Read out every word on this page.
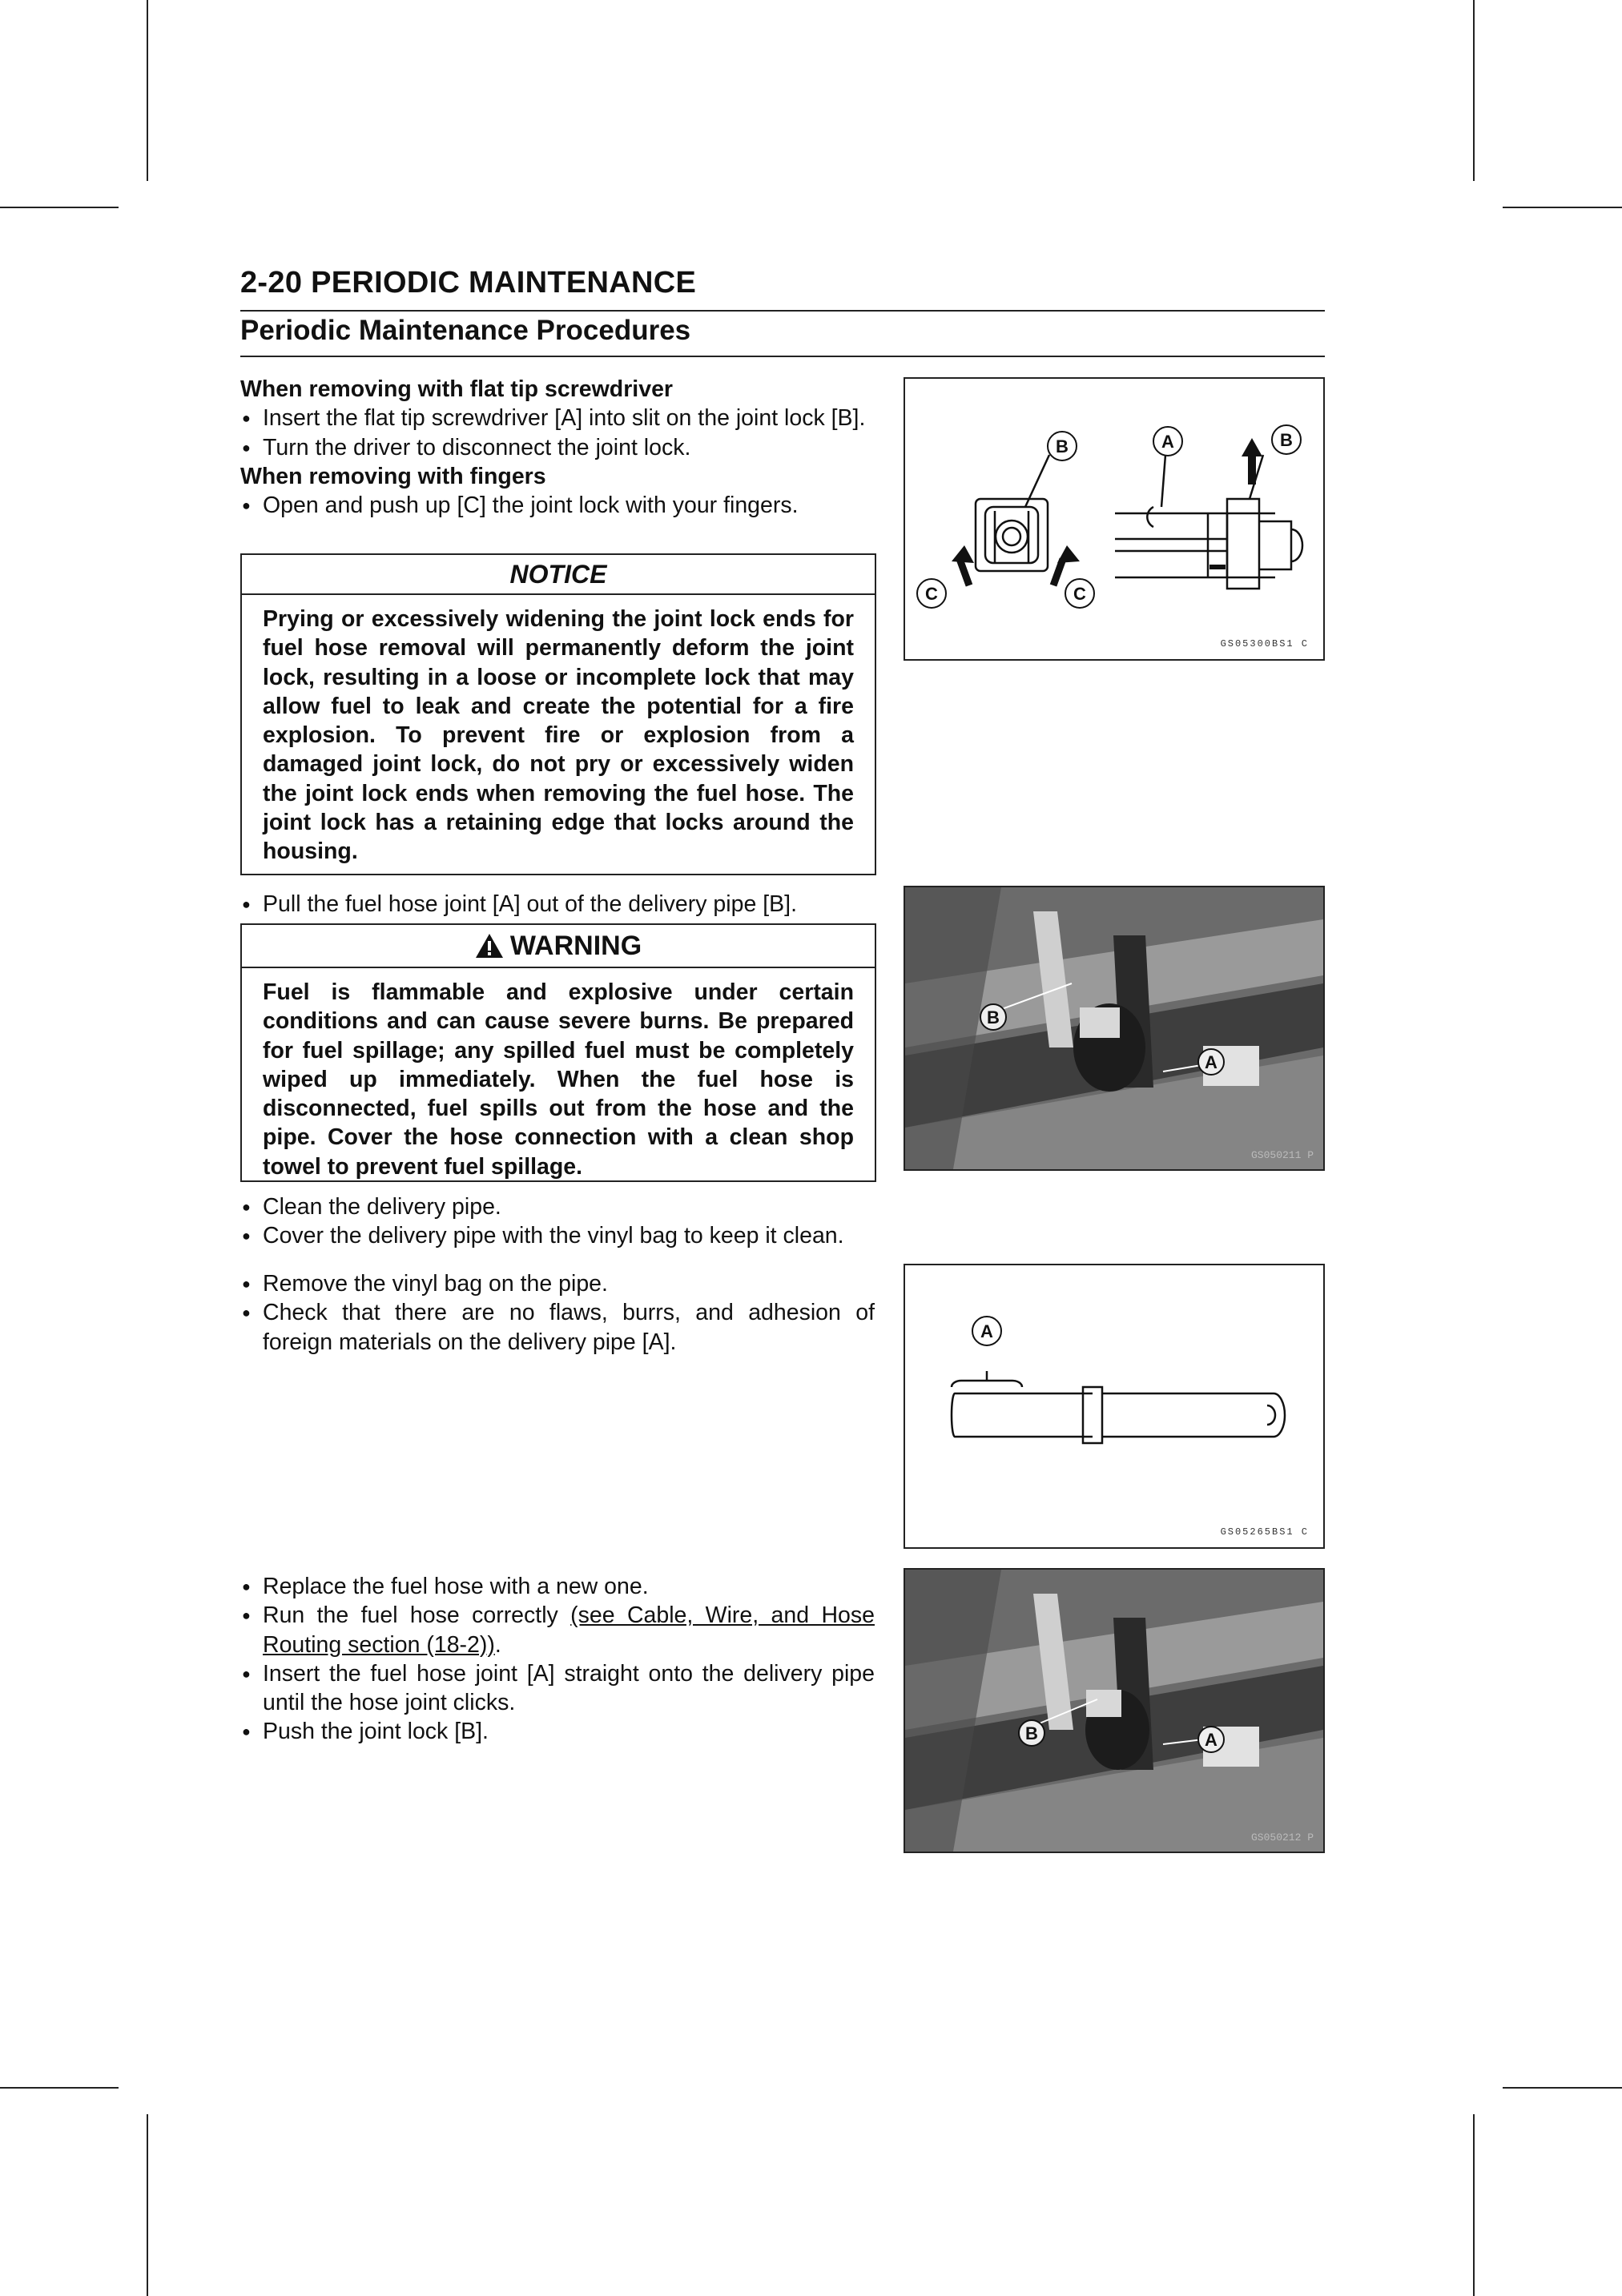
2-20 PERIODIC MAINTENANCE
Periodic Maintenance Procedures
When removing with flat tip screwdriver
● Insert the flat tip screwdriver [A] into slit on the joint lock [B].
● Turn the driver to disconnect the joint lock.
When removing with fingers
● Open and push up [C] the joint lock with your fingers.
NOTICE
Prying or excessively widening the joint lock ends for fuel hose removal will permanently deform the joint lock, resulting in a loose or incomplete lock that may allow fuel to leak and create the potential for a fire explosion. To prevent fire or explosion from a damaged joint lock, do not pry or excessively widen the joint lock ends when removing the fuel hose. The joint lock has a retaining edge that locks around the housing.
● Pull the fuel hose joint [A] out of the delivery pipe [B].
WARNING
Fuel is flammable and explosive under certain conditions and can cause severe burns. Be prepared for fuel spillage; any spilled fuel must be completely wiped up immediately. When the fuel hose is disconnected, fuel spills out from the hose and the pipe. Cover the hose connection with a clean shop towel to prevent fuel spillage.
● Clean the delivery pipe.
● Cover the delivery pipe with the vinyl bag to keep it clean.
● Remove the vinyl bag on the pipe.
● Check that there are no flaws, burrs, and adhesion of foreign materials on the delivery pipe [A].
● Replace the fuel hose with a new one.
● Run the fuel hose correctly (see Cable, Wire, and Hose Routing section (18-2)).
● Insert the fuel hose joint [A] straight onto the delivery pipe until the hose joint clicks.
● Push the joint lock [B].
B	A	B
C	C
GS05300BS1 C
B
A
GS050211 P
A
GS05265BS1 C
B	A
GS050212 P
